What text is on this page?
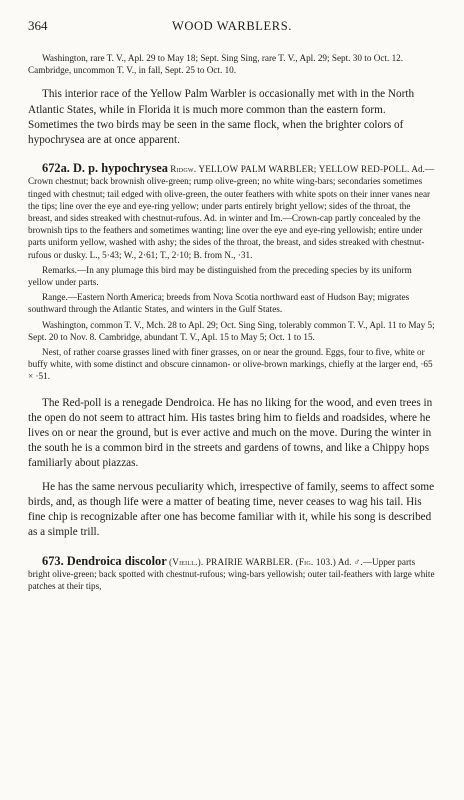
364	WOOD WARBLERS.

Washington, rare T. V., Apl. 29 to May 18; Sept. Sing Sing, rare T. V., Apl. 29; Sept. 30 to Oct. 12. Cambridge, uncommon T. V., in fall, Sept. 25 to Oct. 10.

This interior race of the Yellow Palm Warbler is occasionally met with in the North Atlantic States, while in Florida it is much more common than the eastern form. Sometimes the two birds may be seen in the same flock, when the brighter colors of hypochrysea are at once apparent.

672a. D. p. hypochrysea Ridgw. YELLOW PALM WARBLER; YELLOW RED-POLL. Ad.—Crown chestnut; back brownish olive-green; rump olive-green; no white wing-bars; secondaries sometimes tinged with chestnut; tail edged with olive-green, the outer feathers with white spots on their inner vanes near the tips; line over the eye and eye-ring yellow; under parts entirely bright yellow; sides of the throat, the breast, and sides streaked with chestnut-rufous. Ad. in winter and Im.—Crown-cap partly concealed by the brownish tips to the feathers and sometimes wanting; line over the eye and eye-ring yellowish; entire under parts uniform yellow, washed with ashy; the sides of the throat, the breast, and sides streaked with chestnut-rufous or dusky. L., 5·43; W., 2·61; T., 2·10; B. from N., ·31.

Remarks.—In any plumage this bird may be distinguished from the preceding species by its uniform yellow under parts.

Range.—Eastern North America; breeds from Nova Scotia northward east of Hudson Bay; migrates southward through the Atlantic States, and winters in the Gulf States.

Washington, common T. V., Mch. 28 to Apl. 29; Oct. Sing Sing, tolerably common T. V., Apl. 11 to May 5; Sept. 20 to Nov. 8. Cambridge, abundant T. V., Apl. 15 to May 5; Oct. 1 to 15.

Nest, of rather coarse grasses lined with finer grasses, on or near the ground. Eggs, four to five, white or buffy white, with some distinct and obscure cinnamon- or olive-brown markings, chiefly at the larger end, ·65 × ·51.

The Red-poll is a renegade Dendroica. He has no liking for the wood, and even trees in the open do not seem to attract him. His tastes bring him to fields and roadsides, where he lives on or near the ground, but is ever active and much on the move. During the winter in the south he is a common bird in the streets and gardens of towns, and like a Chippy hops familiarly about piazzas.

He has the same nervous peculiarity which, irrespective of family, seems to affect some birds, and, as though life were a matter of beating time, never ceases to wag his tail. His fine chip is recognizable after one has become familiar with it, while his song is described as a simple trill.

673. Dendroica discolor (Vieill.). PRAIRIE WARBLER. (Fig. 103.) Ad. ♂.—Upper parts bright olive-green; back spotted with chestnut-rufous; wing-bars yellowish; outer tail-feathers with large white patches at their tips,
